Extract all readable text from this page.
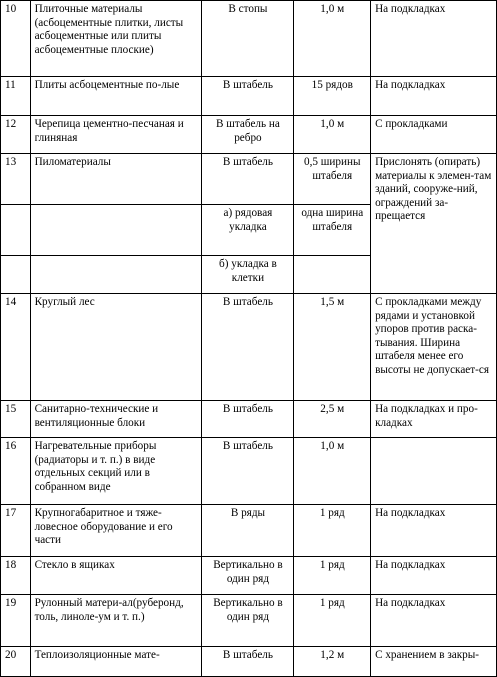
10	Плиточные материалы (асбоцементные плитки, листы асбоцементные или плиты асбоцементные плоские)	В стопы	1,0 м	На подкладках
11	Плиты асбоцементные по-лые	В штабель	15 рядов	На подкладках
12	Черепица цементно-песчаная и глиняная	В штабель на ребро	1,0 м	С прокладками
13	Пиломатериалы	В штабель	0,5 ширины штабеля	Прислонять (опирать) материалы к элемен-там зданий, сооруже-ний, ограждений за-прещается
		а) рядовая укладка	одна ширина штабеля	
		б) укладка в клетки		
14	Круглый лес	В штабель	1,5 м	С прокладками между рядами и установкой упоров против раска-тывания. Ширина штабеля менее его высоты не допускает-ся
15	Санитарно-технические и вентиляционные блоки	В штабель	2,5 м	На подкладках и про-кладках
16	Нагревательные приборы (радиаторы и т. п.) в виде отдельных секций или в собранном виде	В штабель	1,0 м	
17	Крупногабаритное и тяже-ловесное оборудование и его части	В ряды	1 ряд	На подкладках
18	Стекло в ящиках	Вертикально в один ряд	1 ряд	На подкладках
19	Рулонный матери-ал(руберонд, толь, линоле-ум и т. п.)	Вертикально в один ряд	1 ряд	На подкладках
20	Теплоизоляционные мате-	В штабель	1,2 м	С хранением в закры-
